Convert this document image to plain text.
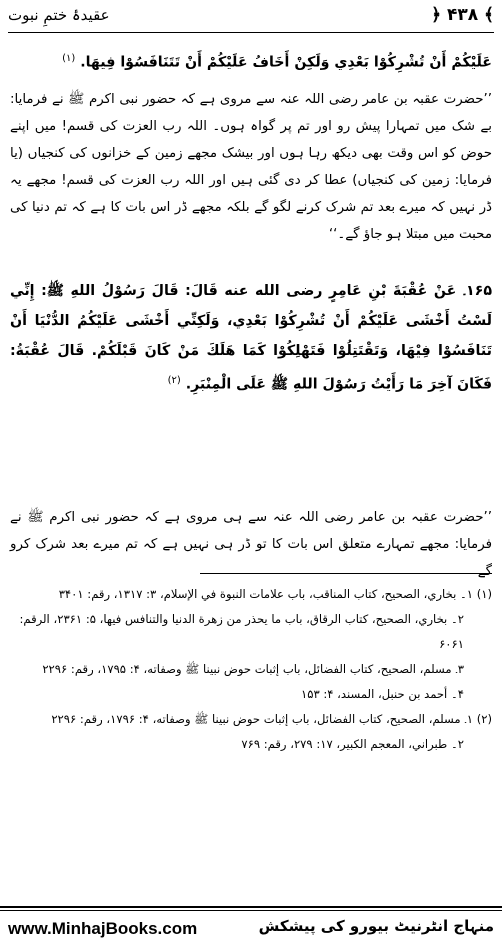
عقیدۂ ختمِ نبوت	﴿ ۴۳۸ ﴾
عَلَيْكُمْ أَنْ تُشْرِكُوْا بَعْدِي وَلَكِنْ أَخَافُ عَلَيْكُمْ أَنْ تَتَنَافَسُوْا فِيهَا. $^{(۱)}$
’’حضرت عقبہ بن عامر رضی اللہ عنہ سے مروی ہے کہ حضور نبی اکرم ﷺ نے فرمایا: بے شک میں تمہارا پیش رو اور تم پر گواہ ہوں۔ اللہ رب العزت کی قسم! میں اپنے حوض کو اس وقت بھی دیکھ رہا ہوں اور بیشک مجھے زمین کے خزانوں کی کنجیاں (یا فرمایا: زمین کی کنجیاں) عطا کر دی گئی ہیں اور اللہ رب العزت کی قسم! مجھے یہ ڈر نہیں کہ میرے بعد تم شرک کرنے لگو گے بلکہ مجھے ڈر اس بات کا ہے کہ تم دنیا کی محبت میں مبتلا ہو جاؤ گے۔‘‘
۱۶۵۔ عَنْ عُقْبَةَ بْنِ عَامِرٍ رضی الله عنه قَالَ: قَالَ رَسُوْلُ اللهِ ﷺ: إِنِّي لَسْتُ أَخْشَى عَلَيْكُمْ أَنْ تُشْرِكُوْا بَعْدِي، وَلَكِنِّي أَخْشَى عَلَيْكُمُ الدُّنْيَا أَنْ تَنَافَسُوْا فِيْهَا، وَتَقْتَتِلُوْا فَتَهْلِكُوْا كَمَا هَلَكَ مَنْ كَانَ قَبْلَكُمْ. قَالَ عُقْبَةُ: فَكَانَ آخِرَ مَا رَأَيْتُ رَسُوْلَ اللهِ ﷺ عَلَى الْمِنْبَرِ. $^{(۲)}$
’’حضرت عقبہ بن عامر رضی اللہ عنہ سے ہی مروی ہے کہ حضور نبی اکرم ﷺ نے فرمایا: مجھے تمہارے متعلق اس بات کا تو ڈر ہی نہیں ہے کہ تم میرے بعد شرک کرو گے
(۱) ۱۔ بخاري، الصحيح، كتاب المناقب، باب علامات النبوة في الإسلام، ۳: ۱۳۱۷، رقم: ۳۴۰۱
۲۔ بخاري، الصحيح، كتاب الرقاق، باب ما يحذر من زهرة الدنيا والتنافس فيها، ۵: ۲۳۶۱، الرقم: ۶۰۶۱
۳۔ مسلم، الصحيح، كتاب الفضائل، باب إثبات حوض نبينا ﷺ وصفاته، ۴: ۱۷۹۵، رقم: ۲۲۹۶
۴۔ أحمد بن حنبل، المسند، ۴: ۱۵۳
(۲) ۱۔ مسلم، الصحيح، كتاب الفضائل، باب إثبات حوض نبينا ﷺ وصفاته، ۴: ۱۷۹۶، رقم: ۲۲۹۶
۲۔ طبراني، المعجم الكبير، ۱۷: ۲۷۹، رقم: ۷۶۹
www.MinhajBooks.com	منہاج انٹرنیٹ بیورو کی پیشکش
